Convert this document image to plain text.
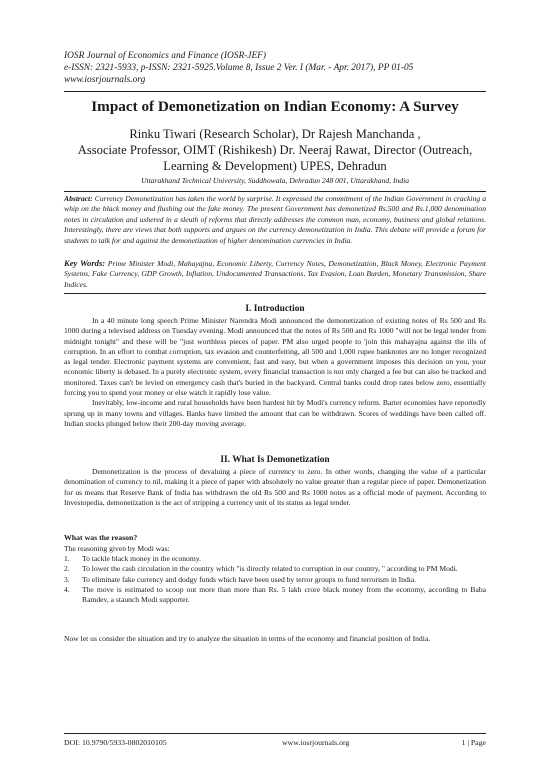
IOSR Journal of Economics and Finance (IOSR-JEF)
e-ISSN: 2321-5933, p-ISSN: 2321-5925.Volume 8, Issue 2 Ver. I (Mar. - Apr. 2017), PP 01-05
www.iosrjournals.org
Impact of Demonetization on Indian Economy: A Survey
Rinku Tiwari (Research Scholar), Dr Rajesh Manchanda ,
Associate Professor, OIMT (Rishikesh) Dr. Neeraj Rawat, Director (Outreach,
Learning & Development) UPES, Dehradun
Uttarakhand Technical University, Suddhowala, Dehradun 248 001, Uttarakhand, India
Abstract: Currency Demonetization has taken the world by surprise. It expressed the commitment of the Indian Government in cracking a whip on the black money and flushing out the fake money. The present Government has demonetized Rs.500 and Rs.1,000 denomination notes in circulation and ushered in a sleuth of reforms that directly addresses the common man, economy, business and global relations. Interestingly, there are views that both supports and argues on the currency demonetization in India. This debate will provide a forum for students to talk for and against the demonetization of higher denomination currencies in India.
Key Words: Prime Minister Modi, Mahayajna, Economic Liberty, Currency Notes, Demonetization, Black Money, Electronic Payment Systems, Fake Currency, GDP Growth, Inflation, Undocumented Transactions, Tax Evasion, Loan Burden, Monetary Transmission, Share Indices.
I. Introduction

In a 40 minute long speech Prime Minister Narendra Modi announced the demonetization of existing notes of Rs 500 and Rs 1000 during a televised address on Tuesday evening. Modi announced that the notes of Rs 500 and Rs 1000 "will not be legal tender from midnight tonight" and these will be "just worthless pieces of paper. PM also urged people to 'join this mahayajna against the ills of corruption. In an effort to combat corruption, tax evasion and counterfeiting, all 500 and 1,000 rupee banknotes are no longer recognized as legal tender. Electronic payment systems are convenient, fast and easy, but when a government imposes this decision on you, your economic liberty is debased. In a purely electronic system, every financial transaction is not only charged a fee but can also be tracked and monitored. Taxes can't be levied on emergency cash that's buried in the backyard. Central banks could drop rates below zero, essentially forcing you to spend your money or else watch it rapidly lose value.

Inevitably, low-income and rural households have been hardest hit by Modi's currency reform. Barter economies have reportedly sprung up in many towns and villages. Banks have limited the amount that can be withdrawn. Scores of weddings have been called off. Indian stocks plunged below their 200-day moving average.

II. What Is Demonetization

Demonetization is the process of devaluing a piece of currency to zero. In other words, changing the value of a particular denomination of currency to nil, making it a piece of paper with absolutely no value greater than a regular piece of paper. Demonetization for us means that Reserve Bank of India has withdrawn the old Rs 500 and Rs 1000 notes as a official mode of payment. According to Investopedia, demonetization is the act of stripping a currency unit of its status as legal tender.

What was the reason?
The reasoning given by Modi was:
1.	To tackle black money in the economy.
2.	To lower the cash circulation in the country which "is directly related to corruption in our country, " according to PM Modi.
3.	To eliminate fake currency and dodgy funds which have been used by terror groups to fund terrorism in India.
4.	The move is estimated to scoop out more than more than Rs. 5 lakh crore black money from the economy, according to Baba Ramdev, a staunch Modi supporter.
Now let us consider the situation and try to analyze the situation in terms of the economy and financial position of India.
DOI: 10.9790/5933-0802010105	www.iosrjournals.org	1 | Page
